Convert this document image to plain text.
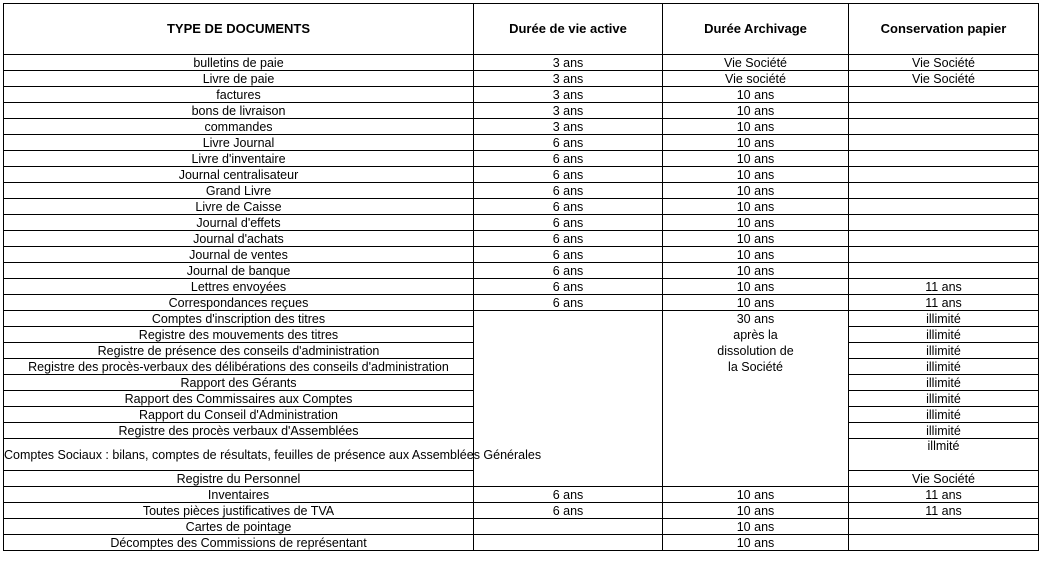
TYPE DE DOCUMENTS	Durée de vie active	Durée Archivage	Conservation papier
bulletins de paie	3 ans	Vie Société	Vie Société
Livre de paie	3 ans	Vie société	Vie Société
factures	3 ans	10 ans	
bons de livraison	3 ans	10 ans	
commandes	3 ans	10 ans	
Livre Journal	6 ans	10 ans	
Livre d'inventaire	6 ans	10 ans	
Journal centralisateur	6 ans	10 ans	
Grand Livre	6 ans	10 ans	
Livre de Caisse	6 ans	10 ans	
Journal d'effets	6 ans	10 ans	
Journal d'achats	6 ans	10 ans	
Journal de ventes	6 ans	10 ans	
Journal de banque	6 ans	10 ans	
Lettres envoyées	6 ans	10 ans	11 ans
Correspondances reçues	6 ans	10 ans	11 ans
Comptes d'inscription des titres		30 ans	illimité
Registre des mouvements des titres		après la	illimité
Registre de présence des conseils d'administration		dissolution de	illimité
Registre des procès-verbaux des délibérations des conseils d'administration		la Société	illimité
Rapport des Gérants			illimité
Rapport des Commissaires aux Comptes			illimité
Rapport du Conseil d'Administration			illimité
Registre des procès verbaux d'Assemblées			illimité
Comptes Sociaux : bilans, comptes de résultats, feuilles de présence aux Assemblées Générales			illmité
Registre du Personnel			Vie Société
Inventaires	6 ans	10 ans	11 ans
Toutes pièces justificatives de TVA	6 ans	10 ans	11 ans
Cartes de pointage		10 ans	
Décomptes des Commissions de représentant		10 ans	
